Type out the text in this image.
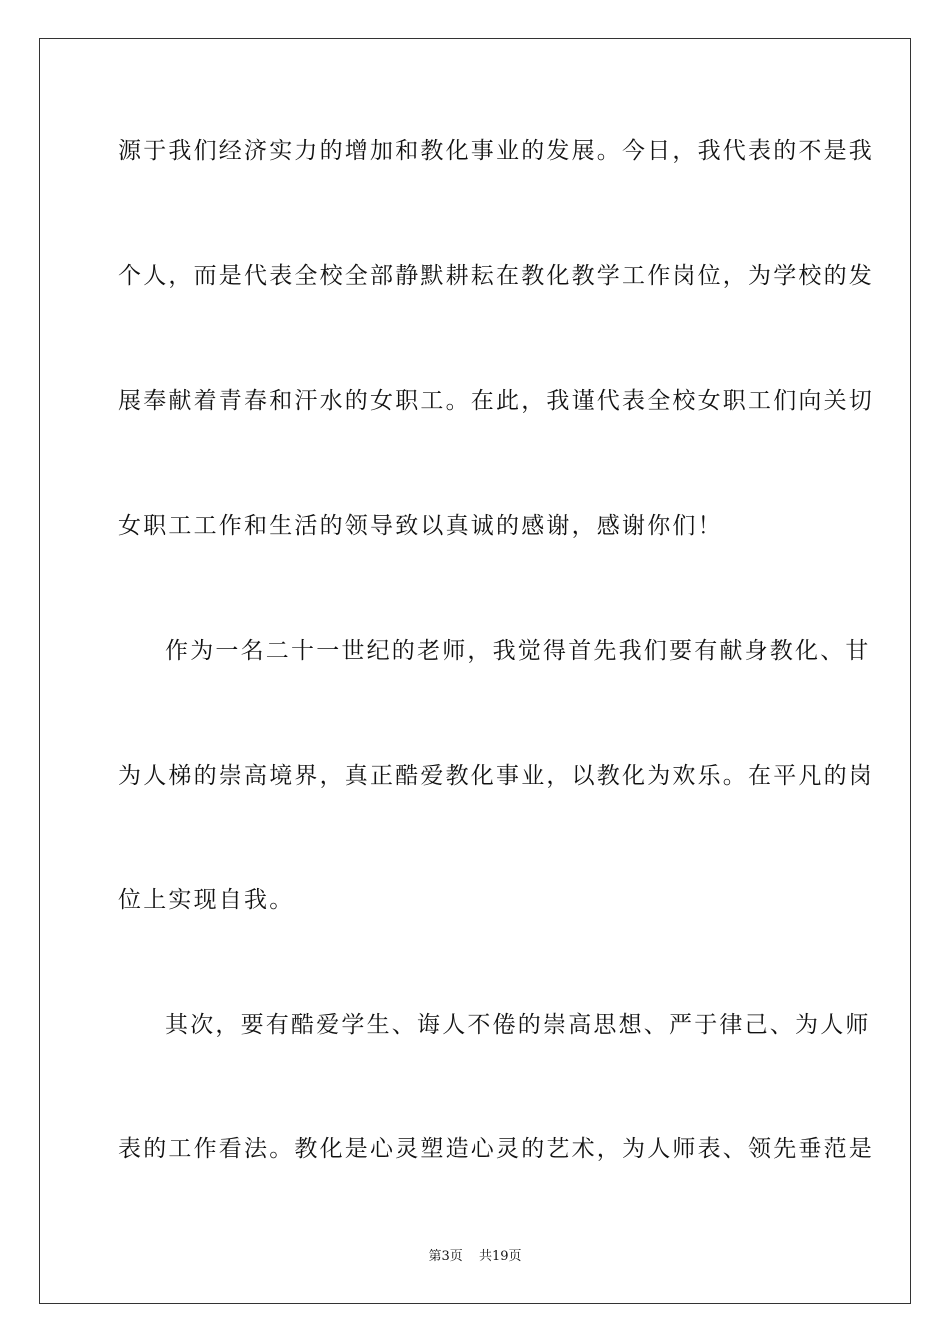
源于我们经济实力的增加和教化事业的发展。今日，我代表的不是我
个人，而是代表全校全部静默耕耘在教化教学工作岗位，为学校的发
展奉献着青春和汗水的女职工。在此，我谨代表全校女职工们向关切
女职工工作和生活的领导致以真诚的感谢，感谢你们！
作为一名二十一世纪的老师，我觉得首先我们要有献身教化、甘
为人梯的崇高境界，真正酷爱教化事业，以教化为欢乐。在平凡的岗
位上实现自我。
其次，要有酷爱学生、诲人不倦的崇高思想、严于律己、为人师
表的工作看法。教化是心灵塑造心灵的艺术，为人师表、领先垂范是
第3页 共19页
